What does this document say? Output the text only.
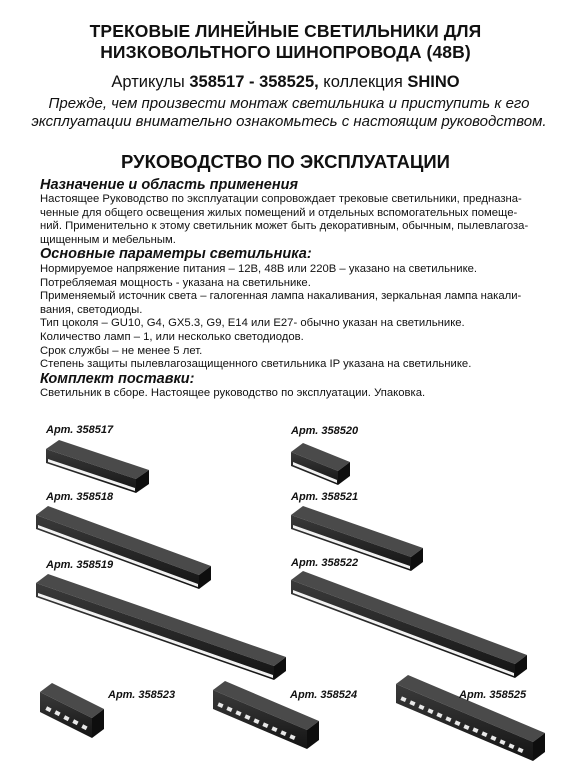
ТРЕКОВЫЕ ЛИНЕЙНЫЕ СВЕТИЛЬНИКИ ДЛЯ
НИЗКОВОЛЬТНОГО ШИНОПРОВОДА (48В)
Артикулы 358517 - 358525, коллекция SHINO
Прежде, чем произвести монтаж светильника и приступить к его эксплуатации внимательно ознакомьтесь с настоящим руководством.
РУКОВОДСТВО ПО ЭКСПЛУАТАЦИИ
Назначение и область применения
Настоящее Руководство по эксплуатации сопровождает трековые светильники, предназна-
ченные для общего освещения жилых помещений и отдельных вспомогательных помеще-
ний. Применительно к этому светильник может быть декоративным, обычным, пылевлагоза-
щищенным и мебельным.
Основные параметры светильника:
Нормируемое напряжение питания – 12В, 48В или 220В – указано на светильнике.
Потребляемая мощность - указана на светильнике.
Применяемый источник света – галогенная лампа накаливания, зеркальная лампа накали-
вания, светодиоды.
Тип цоколя – GU10, G4, GX5.3, G9, E14 или E27- обычно указан на светильнике.
Количество ламп – 1, или несколько светодиодов.
Срок службы – не менее 5 лет.
Степень защиты пылевлагозащищенного светильника IP указана на светильнике.
Комплект поставки:
Светильник в сборе. Настоящее руководство по эксплуатации. Упаковка.
Арт. 358517
Арт. 358518
Арт. 358519
Арт. 358520
Арт. 358521
Арт. 358522
Арт. 358523	Арт. 358524	Арт. 358525
